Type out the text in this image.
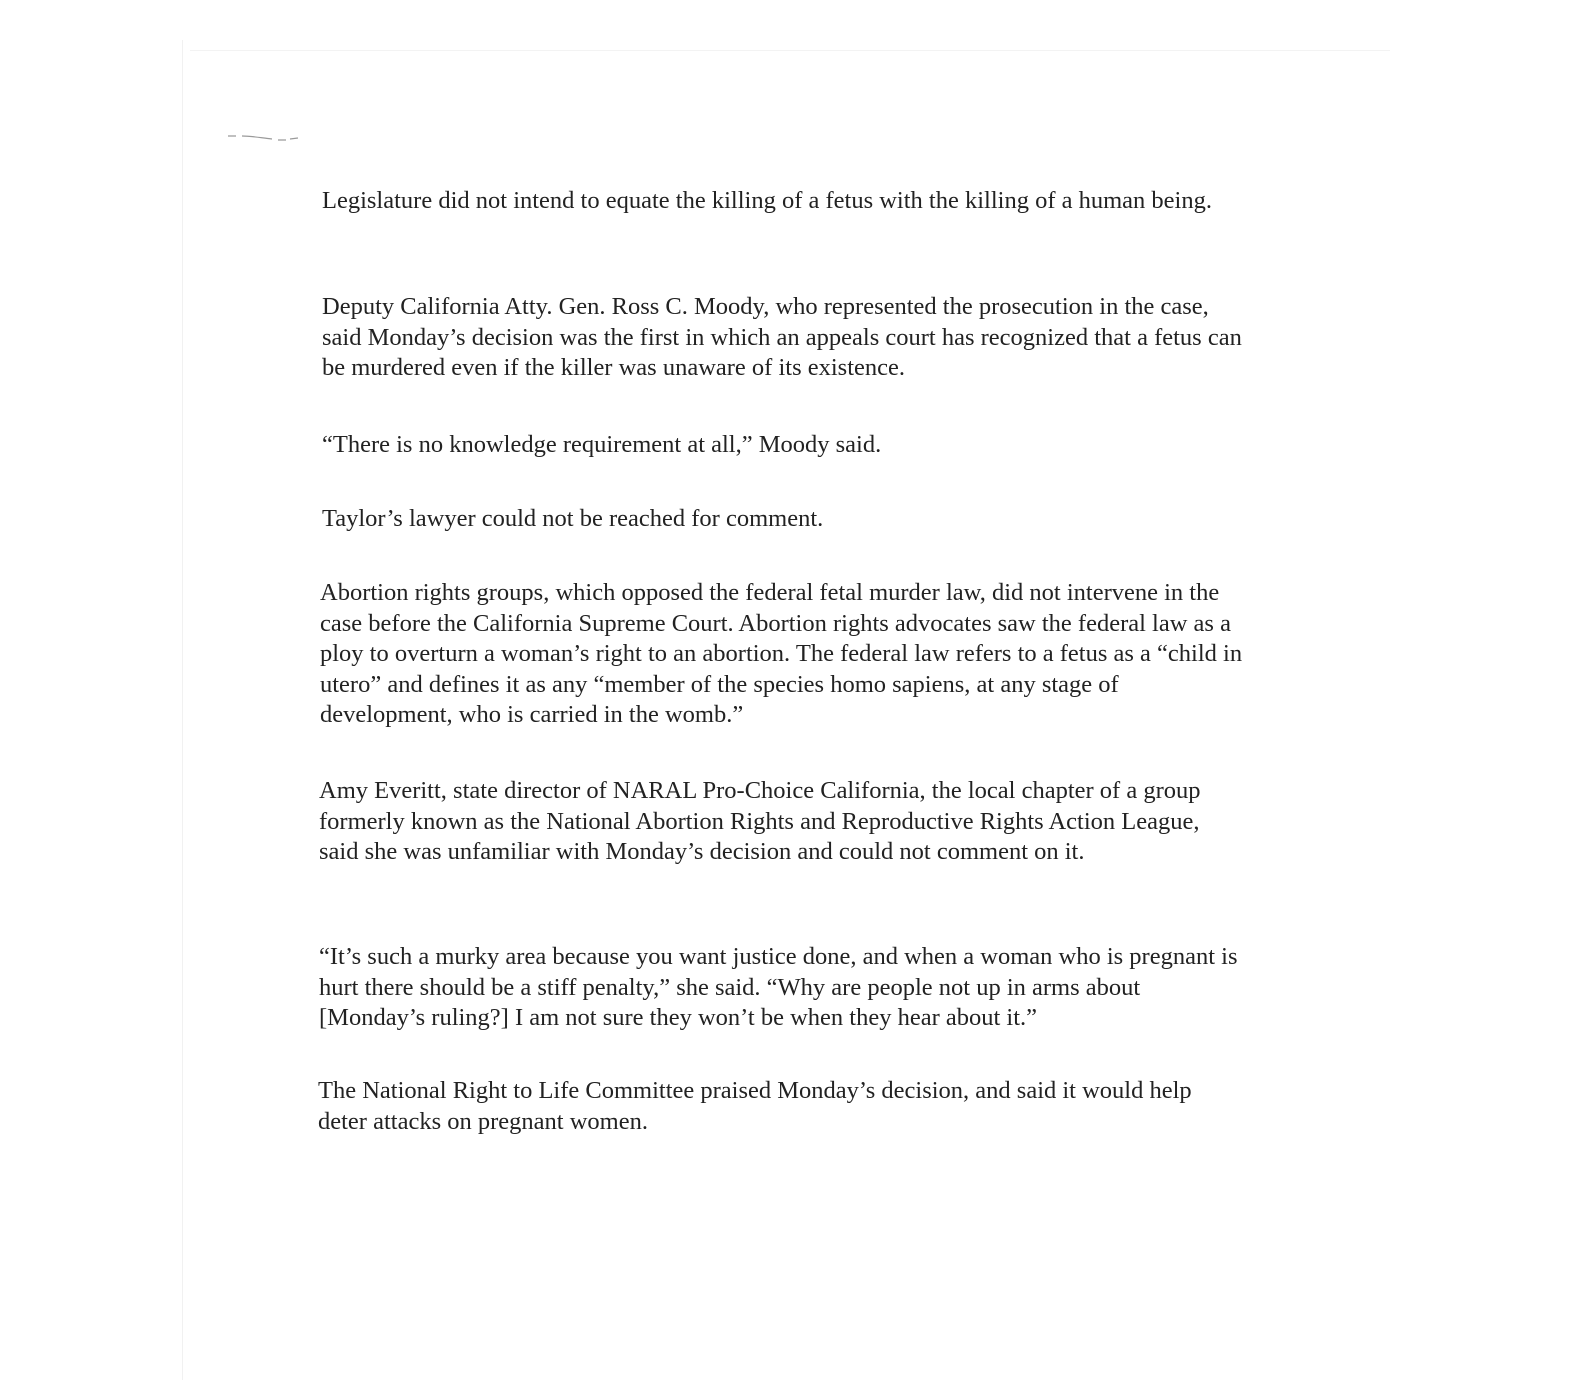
Legislature did not intend to equate the killing of a fetus with the killing of a human being.

Deputy California Atty. Gen. Ross C. Moody, who represented the prosecution in the case, said Monday’s decision was the first in which an appeals court has recognized that a fetus can be murdered even if the killer was unaware of its existence.

“There is no knowledge requirement at all,” Moody said.

Taylor’s lawyer could not be reached for comment.

Abortion rights groups, which opposed the federal fetal murder law, did not intervene in the case before the California Supreme Court. Abortion rights advocates saw the federal law as a ploy to overturn a woman’s right to an abortion. The federal law refers to a fetus as a “child in utero” and defines it as any “member of the species homo sapiens, at any stage of development, who is carried in the womb.”

Amy Everitt, state director of NARAL Pro-Choice California, the local chapter of a group formerly known as the National Abortion Rights and Reproductive Rights Action League, said she was unfamiliar with Monday’s decision and could not comment on it.

“It’s such a murky area because you want justice done, and when a woman who is pregnant is hurt there should be a stiff penalty,” she said. “Why are people not up in arms about [Monday’s ruling?] I am not sure they won’t be when they hear about it.”

The National Right to Life Committee praised Monday’s decision, and said it would help deter attacks on pregnant women.
